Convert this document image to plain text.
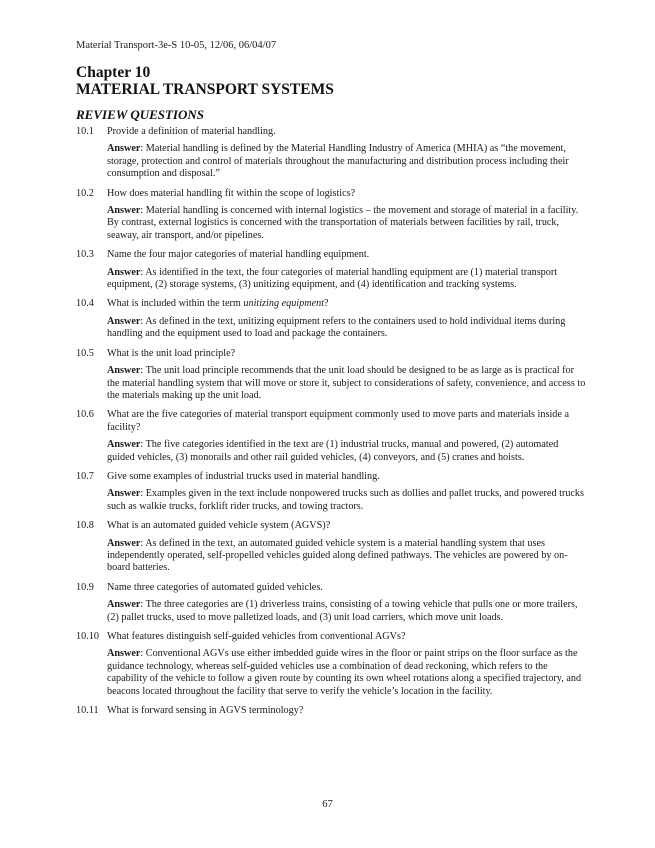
Material Transport-3e-S 10-05, 12/06, 06/04/07
Chapter 10
MATERIAL TRANSPORT SYSTEMS
REVIEW QUESTIONS
10.1	Provide a definition of material handling.
Answer: Material handling is defined by the Material Handling Industry of America (MHIA) as “the movement, storage, protection and control of materials throughout the manufacturing and distribution process including their consumption and disposal.”
10.2	How does material handling fit within the scope of logistics?
Answer: Material handling is concerned with internal logistics – the movement and storage of material in a facility. By contrast, external logistics is concerned with the transportation of materials between facilities by rail, truck, seaway, air transport, and/or pipelines.
10.3	Name the four major categories of material handling equipment.
Answer: As identified in the text, the four categories of material handling equipment are (1) material transport equipment, (2) storage systems, (3) unitizing equipment, and (4) identification and tracking systems.
10.4	What is included within the term unitizing equipment?
Answer: As defined in the text, unitizing equipment refers to the containers used to hold individual items during handling and the equipment used to load and package the containers.
10.5	What is the unit load principle?
Answer: The unit load principle recommends that the unit load should be designed to be as large as is practical for the material handling system that will move or store it, subject to considerations of safety, convenience, and access to the materials making up the unit load.
10.6	What are the five categories of material transport equipment commonly used to move parts and materials inside a facility?
Answer: The five categories identified in the text are (1) industrial trucks, manual and powered, (2) automated guided vehicles, (3) monorails and other rail guided vehicles, (4) conveyors, and (5) cranes and hoists.
10.7	Give some examples of industrial trucks used in material handling.
Answer: Examples given in the text include nonpowered trucks such as dollies and pallet trucks, and powered trucks such as walkie trucks, forklift rider trucks, and towing tractors.
10.8	What is an automated guided vehicle system (AGVS)?
Answer: As defined in the text, an automated guided vehicle system is a material handling system that uses independently operated, self-propelled vehicles guided along defined pathways. The vehicles are powered by on-board batteries.
10.9	Name three categories of automated guided vehicles.
Answer: The three categories are (1) driverless trains, consisting of a towing vehicle that pulls one or more trailers, (2) pallet trucks, used to move palletized loads, and (3) unit load carriers, which move unit loads.
10.10 What features distinguish self-guided vehicles from conventional AGVs?
Answer: Conventional AGVs use either imbedded guide wires in the floor or paint strips on the floor surface as the guidance technology, whereas self-guided vehicles use a combination of dead reckoning, which refers to the capability of the vehicle to follow a given route by counting its own wheel rotations along a specified trajectory, and beacons located throughout the facility that serve to verify the vehicle’s location in the facility.
10.11 What is forward sensing in AGVS terminology?
67
